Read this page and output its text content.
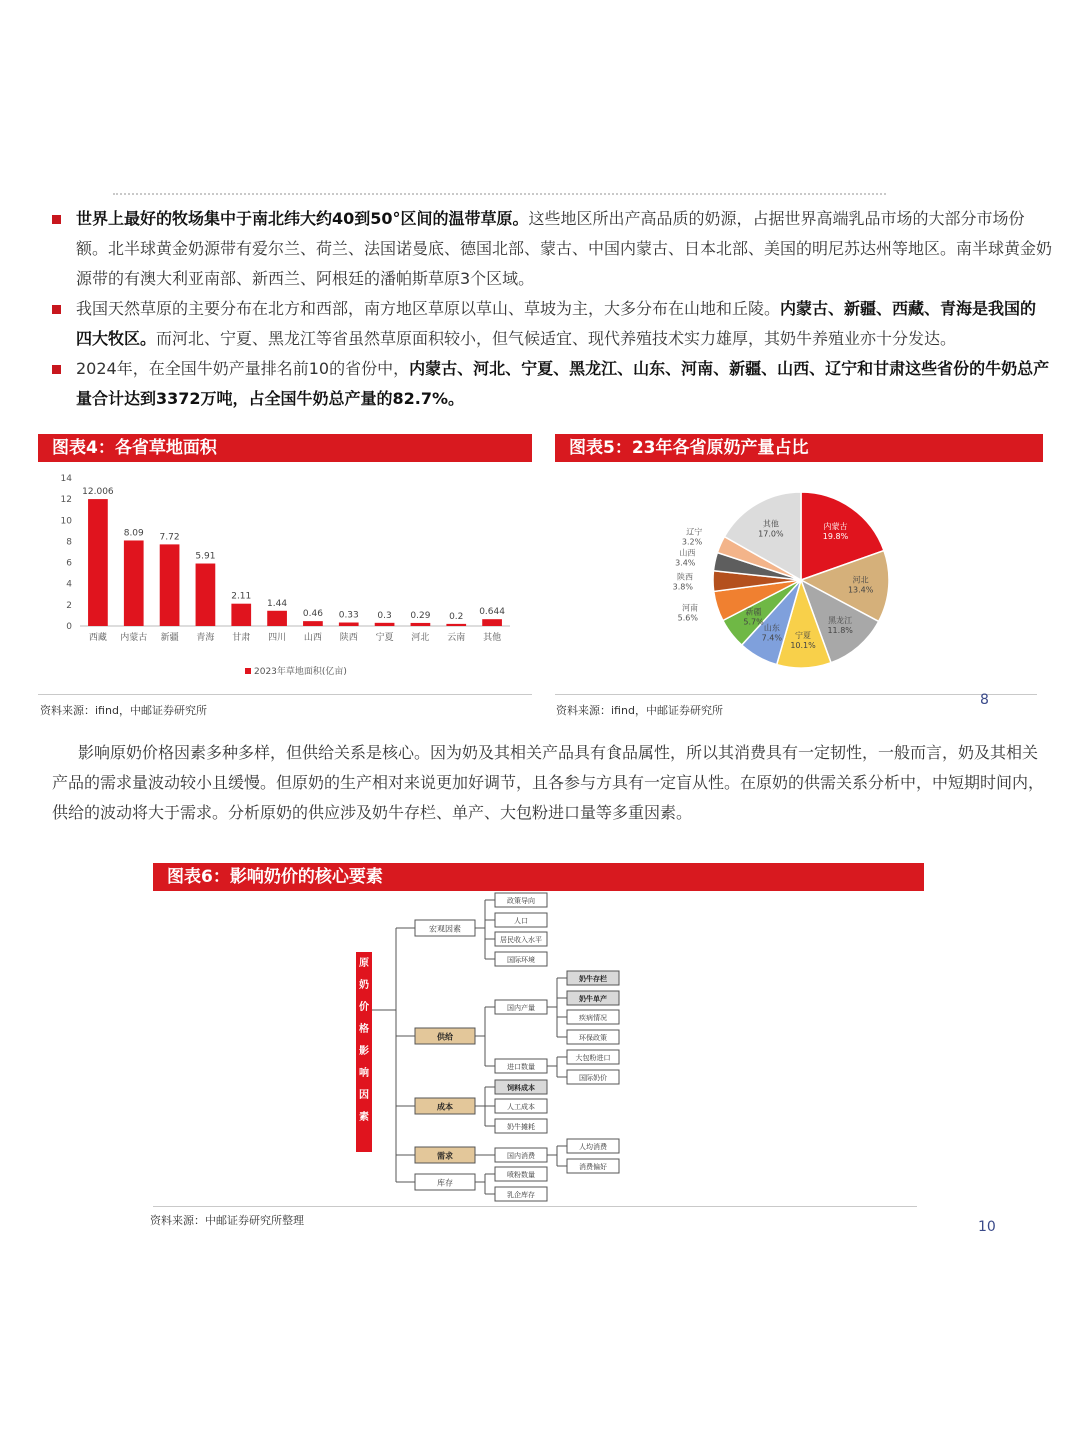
世界上最好的牧场集中于南北纬大约40到50°区间的温带草原。这些地区所出产高品质的奶源，占据世界高端乳品市场的大部分市场份额。北半球黄金奶源带有爱尔兰、荷兰、法国诺曼底、德国北部、蒙古、中国内蒙古、日本北部、美国的明尼苏达州等地区。南半球黄金奶源带的有澳大利亚南部、新西兰、阿根廷的潘帕斯草原3个区域。
我国天然草原的主要分布在北方和西部，南方地区草原以草山、草坡为主，大多分布在山地和丘陵。内蒙古、新疆、西藏、青海是我国的四大牧区。而河北、宁夏、黑龙江等省虽然草原面积较小，但气候适宜、现代养殖技术实力雄厚，其奶牛养殖业亦十分发达。
2024年，在全国牛奶产量排名前10的省份中，内蒙古、河北、宁夏、黑龙江、山东、河南、新疆、山西、辽宁和甘肃这些省份的牛奶总产量合计达到3372万吨，占全国牛奶总产量的82.7%。
图表4：各省草地面积
0
2
4
6
8
10
12
14
12.006
西藏
8.09
内蒙古
7.72
新疆
5.91
青海
2.11
甘肃
1.44
四川
0.46
山西
0.33
陕西
0.3
宁夏
0.29
河北
0.2
云南
0.644
其他
2023年草地面积(亿亩)
资料来源：ifind，中邮证券研究所
图表5：23年各省原奶产量占比
内蒙古
19.8%
河北
13.4%
黑龙江
11.8%
宁夏
10.1%
山东
7.4%
新疆
5.7%
河南
5.6%
陕西
3.8%
山西
3.4%
辽宁
3.2%
其他
17.0%
资料来源：ifind，中邮证券研究所
8
影响原奶价格因素多种多样，但供给关系是核心。因为奶及其相关产品具有食品属性，所以其消费具有一定韧性，一般而言，奶及其相关产品的需求量波动较小且缓慢。但原奶的生产相对来说更加好调节，且各参与方具有一定盲从性。在原奶的供需关系分析中，中短期时间内，供给的波动将大于需求。分析原奶的供应涉及奶牛存栏、单产、大包粉进口量等多重因素。
图表6：影响奶价的核心要素
原
奶
价
格
影
响
因
素
宏观因素
供给
成本
需求
库存
政策导向
人口
居民收入水平
国际环境
国内产量
进口数量
奶牛存栏
奶牛单产
疾病情况
环保政策
大包粉进口
国际奶价
饲料成本
人工成本
奶牛摊耗
国内消费
人均消费
消费偏好
喷粉数量
乳企库存
资料来源：中邮证券研究所整理	10
